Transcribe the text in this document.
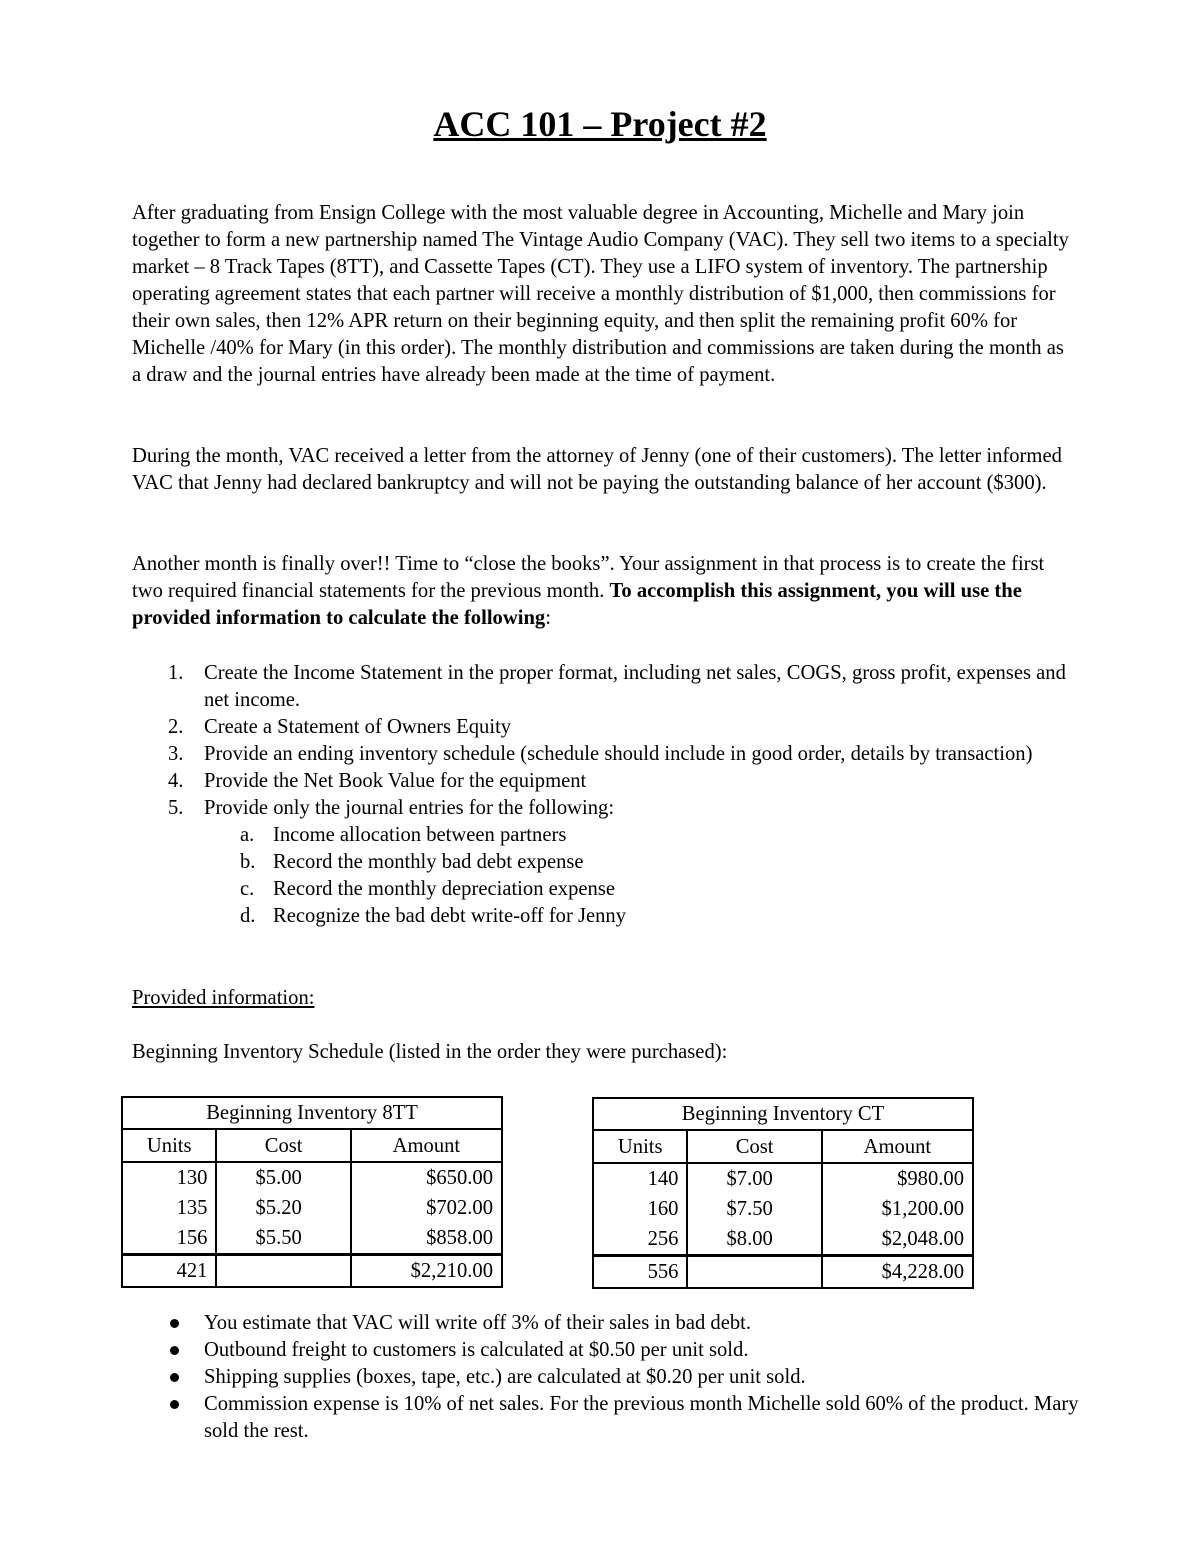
ACC 101 – Project #2

After graduating from Ensign College with the most valuable degree in Accounting, Michelle and Mary join together to form a new partnership named The Vintage Audio Company (VAC). They sell two items to a specialty market – 8 Track Tapes (8TT), and Cassette Tapes (CT). They use a LIFO system of inventory. The partnership operating agreement states that each partner will receive a monthly distribution of $1,000, then commissions for their own sales, then 12% APR return on their beginning equity, and then split the remaining profit 60% for Michelle /40% for Mary (in this order). The monthly distribution and commissions are taken during the month as a draw and the journal entries have already been made at the time of payment.

During the month, VAC received a letter from the attorney of Jenny (one of their customers). The letter informed VAC that Jenny had declared bankruptcy and will not be paying the outstanding balance of her account ($300).

Another month is finally over!! Time to “close the books”. Your assignment in that process is to create the first two required financial statements for the previous month. To accomplish this assignment, you will use the provided information to calculate the following:

1. Create the Income Statement in the proper format, including net sales, COGS, gross profit, expenses and net income.
2. Create a Statement of Owners Equity
3. Provide an ending inventory schedule (schedule should include in good order, details by transaction)
4. Provide the Net Book Value for the equipment
5. Provide only the journal entries for the following:
a. Income allocation between partners
b. Record the monthly bad debt expense
c. Record the monthly depreciation expense
d. Recognize the bad debt write-off for Jenny
Provided information:
Beginning Inventory Schedule (listed in the order they were purchased):
Beginning Inventory 8TT		
Units	Cost	Amount
130	$5.00	$650.00
135	$5.20	$702.00
156	$5.50	$858.00
421		$2,210.00
Beginning Inventory CT		
Units	Cost	Amount
140	$7.00	$980.00
160	$7.50	$1,200.00
256	$8.00	$2,048.00
556		$4,228.00
You estimate that VAC will write off 3% of their sales in bad debt.
Outbound freight to customers is calculated at $0.50 per unit sold.
Shipping supplies (boxes, tape, etc.) are calculated at $0.20 per unit sold.
Commission expense is 10% of net sales. For the previous month Michelle sold 60% of the product. Mary sold the rest.
